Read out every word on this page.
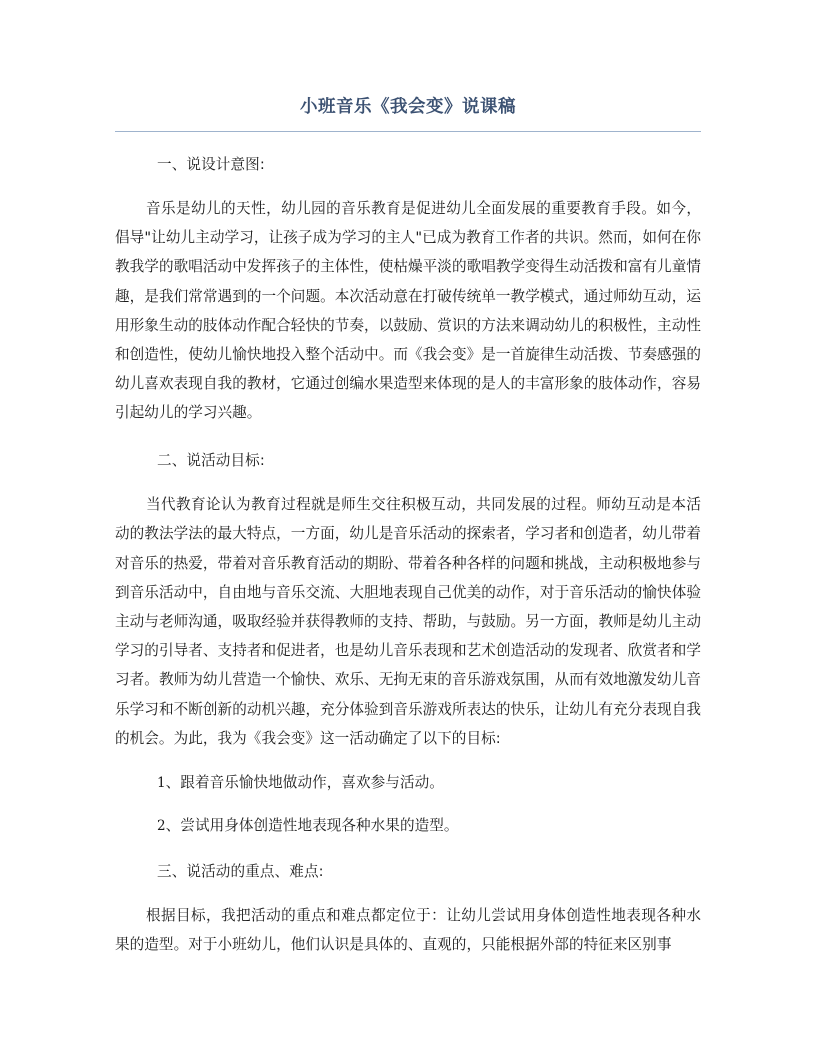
小班音乐《我会变》说课稿

一、说设计意图:

音乐是幼儿的天性，幼儿园的音乐教育是促进幼儿全面发展的重要教育手段。如今，倡导"让幼儿主动学习，让孩子成为学习的主人"已成为教育工作者的共识。然而，如何在你教我学的歌唱活动中发挥孩子的主体性，使枯燥平淡的歌唱教学变得生动活拨和富有儿童情趣，是我们常常遇到的一个问题。本次活动意在打破传统单一教学模式，通过师幼互动，运用形象生动的肢体动作配合轻快的节奏，以鼓励、赏识的方法来调动幼儿的积极性，主动性和创造性，使幼儿愉快地投入整个活动中。而《我会变》是一首旋律生动活拨、节奏感强的幼儿喜欢表现自我的教材，它通过创编水果造型来体现的是人的丰富形象的肢体动作，容易引起幼儿的学习兴趣。

二、说活动目标:

当代教育论认为教育过程就是师生交往积极互动，共同发展的过程。师幼互动是本活动的教法学法的最大特点，一方面，幼儿是音乐活动的探索者，学习者和创造者，幼儿带着对音乐的热爱，带着对音乐教育活动的期盼、带着各种各样的问题和挑战，主动积极地参与到音乐活动中，自由地与音乐交流、大胆地表现自己优美的动作，对于音乐活动的愉快体验主动与老师沟通，吸取经验并获得教师的支持、帮助，与鼓励。另一方面，教师是幼儿主动学习的引导者、支持者和促进者，也是幼儿音乐表现和艺术创造活动的发现者、欣赏者和学习者。教师为幼儿营造一个愉快、欢乐、无拘无束的音乐游戏氛围，从而有效地激发幼儿音乐学习和不断创新的动机兴趣，充分体验到音乐游戏所表达的快乐，让幼儿有充分表现自我的机会。为此，我为《我会变》这一活动确定了以下的目标:

1、跟着音乐愉快地做动作，喜欢参与活动。

2、尝试用身体创造性地表现各种水果的造型。

三、说活动的重点、难点:

根据目标，我把活动的重点和难点都定位于：让幼儿尝试用身体创造性地表现各种水果的造型。对于小班幼儿，他们认识是具体的、直观的，只能根据外部的特征来区别事
